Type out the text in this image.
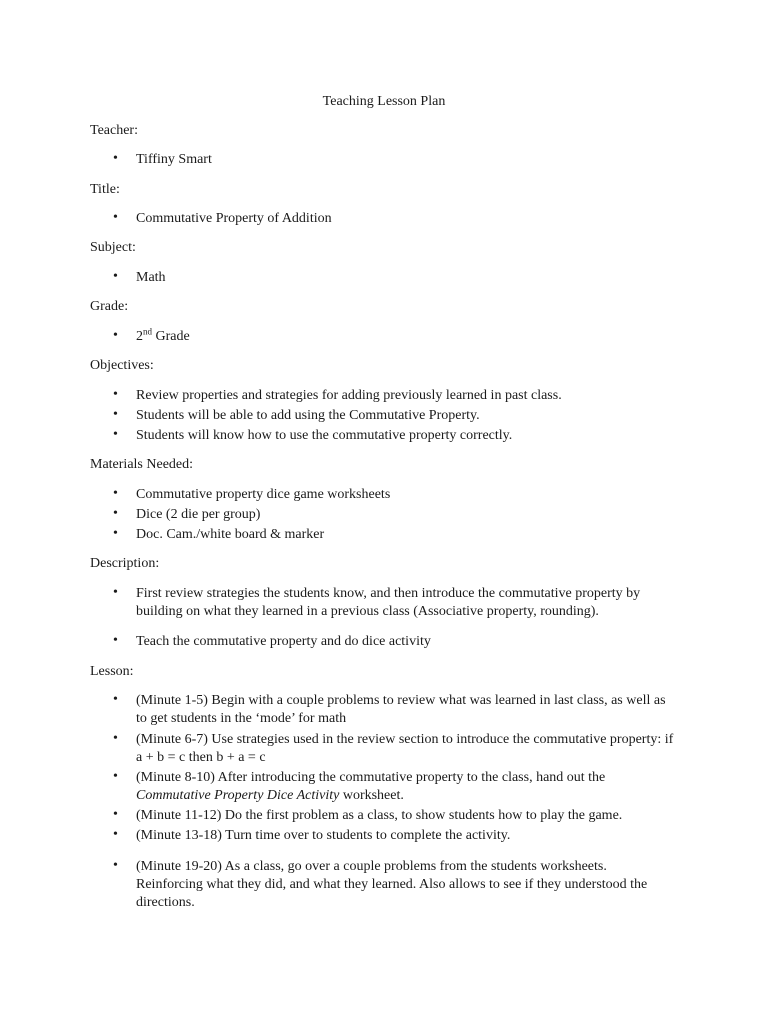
Teaching Lesson Plan
Teacher:
• Tiffiny Smart
Title:
• Commutative Property of Addition
Subject:
• Math
Grade:
• 2nd Grade
Objectives:
• Review properties and strategies for adding previously learned in past class.
• Students will be able to add using the Commutative Property.
• Students will know how to use the commutative property correctly.
Materials Needed:
• Commutative property dice game worksheets
• Dice (2 die per group)
• Doc. Cam./white board & marker
Description:
• First review strategies the students know, and then introduce the commutative property by building on what they learned in a previous class (Associative property, rounding).
• Teach the commutative property and do dice activity
Lesson:
• (Minute 1-5) Begin with a couple problems to review what was learned in last class, as well as to get students in the ‘mode’ for math
• (Minute 6-7) Use strategies used in the review section to introduce the commutative property: if a + b = c then b + a = c
• (Minute 8-10) After introducing the commutative property to the class, hand out the Commutative Property Dice Activity worksheet.
• (Minute 11-12) Do the first problem as a class, to show students how to play the game.
• (Minute 13-18) Turn time over to students to complete the activity.
• (Minute 19-20) As a class, go over a couple problems from the students worksheets. Reinforcing what they did, and what they learned. Also allows to see if they understood the directions.
